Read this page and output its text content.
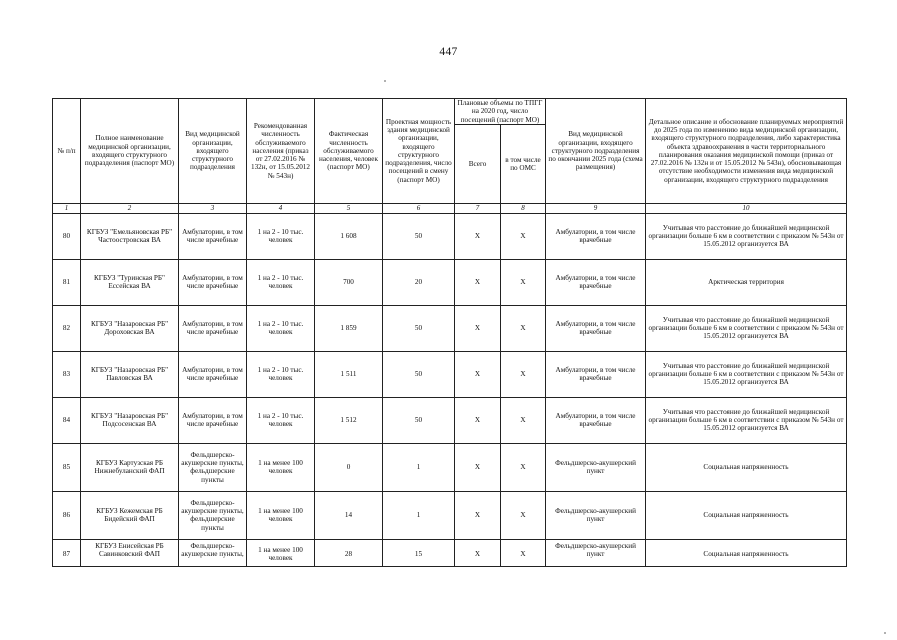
447
№ п/п	Полное наименование медицинской организации, входящего структурного подразделения (паспорт МО)	Вид медицинской организации, входящего структурного подразделения	Рекомендованная численность обслуживаемого населения (приказ от 27.02.2016 № 132н, от 15.05.2012 № 543н)	Фактическая численность обслуживаемого населения, человек (паспорт МО)	Проектная мощность здания медицинской организации, входящего структурного подразделения, число посещений в смену (паспорт МО)	Плановые объемы по ТПГГ на 2020 год, число посещений (паспорт МО)		Вид медицинской организации, входящего структурного подразделения по окончании 2025 года (схема размещения)	Детальное описание и обоснование планируемых мероприятий до 2025 года по изменению вида медицинской организации, входящего структурного подразделения, либо характеристика объекта здравоохранения в части территориального планирования оказания медицинской помощи (приказ от 27.02.2016 № 132н и от 15.05.2012 № 543н), обосновывающая отсутствие необходимости изменения вида медицинской организации, входящего структурного подразделения
						Всего	в том числе по ОМС		
1	2	3	4	5	6	7	8	9	10
80	КГБУЗ "Емельяновская РБ" Частоостровская ВА	Амбулатории, в том числе врачебные	1 на 2 - 10 тыс. человек	1 608	50	X	X	Амбулатории, в том числе врачебные	Учитывая что расстояние до ближайшей медицинской организации больше 6 км в соответствии с приказом № 543н от 15.05.2012 организуется ВА
81	КГБУЗ "Туринская РБ" Ессейская ВА	Амбулатории, в том числе врачебные	1 на 2 - 10 тыс. человек	700	20	X	X	Амбулатории, в том числе врачебные	Арктическая территория
82	КГБУЗ "Назаровская РБ" Дороховская ВА	Амбулатории, в том числе врачебные	1 на 2 - 10 тыс. человек	1 859	50	X	X	Амбулатории, в том числе врачебные	Учитывая что расстояние до ближайшей медицинской организации больше 6 км в соответствии с приказом № 543н от 15.05.2012 организуется ВА
83	КГБУЗ "Назаровская РБ" Павловская ВА	Амбулатории, в том числе врачебные	1 на 2 - 10 тыс. человек	1 511	50	X	X	Амбулатории, в том числе врачебные	Учитывая что расстояние до ближайшей медицинской организации больше 6 км в соответствии с приказом № 543н от 15.05.2012 организуется ВА
84	КГБУЗ "Назаровская РБ" Подсосенская ВА	Амбулатории, в том числе врачебные	1 на 2 - 10 тыс. человек	1 512	50	X	X	Амбулатории, в том числе врачебные	Учитывая что расстояние до ближайшей медицинской организации больше 6 км в соответствии с приказом № 543н от 15.05.2012 организуется ВА
85	КГБУЗ Картузская РБ Нижнебуланский ФАП	Фельдшерско-акушерские пункты, фельдшерские пункты	1 на менее 100 человек	0	1	X	X	Фельдшерско-акушерский пункт	Социальная напряженность
86	КГБУЗ Кежемская РБ Бидейский ФАП	Фельдшерско-акушерские пункты, фельдшерские пункты	1 на менее 100 человек	14	1	X	X	Фельдшерско-акушерский пункт	Социальная напряженность
87	КГБУЗ Енисейская РБ Савинковский ФАП	Фельдшерско-акушерские пункты,	1 на менее 100 человек	28	15	X	X	Фельдшерско-акушерский пункт	Социальная напряженность
